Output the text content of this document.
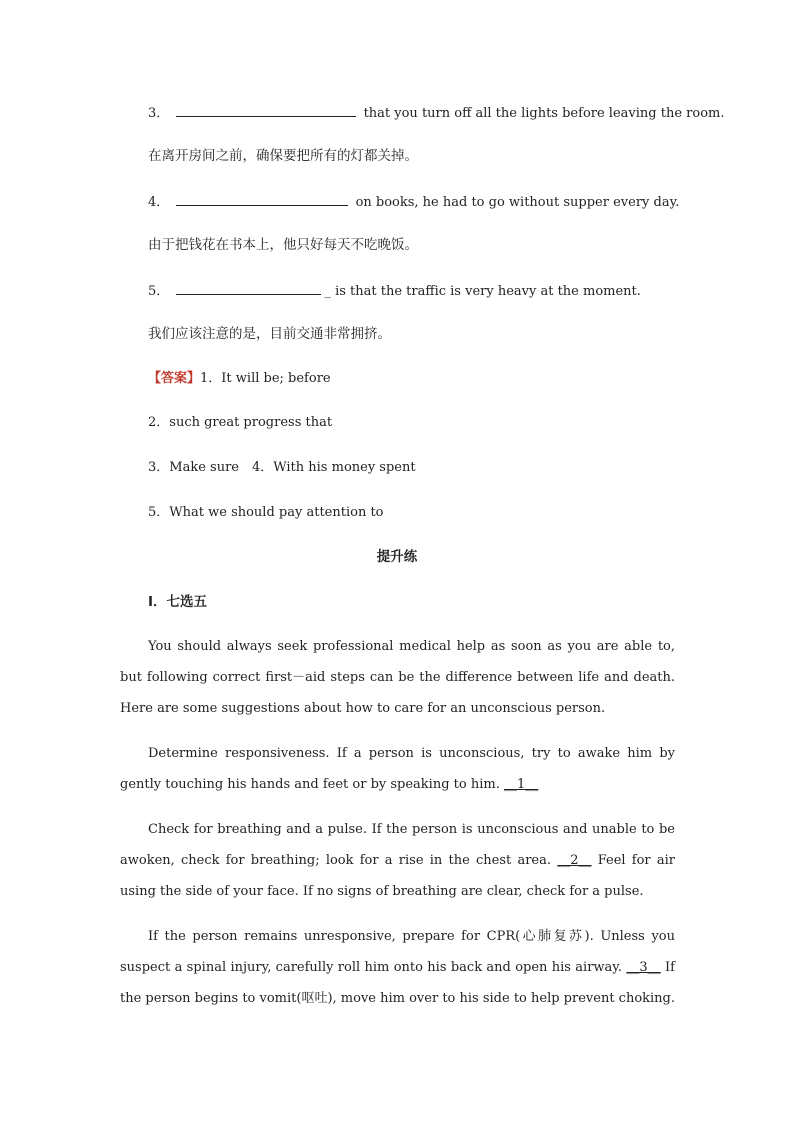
3．	that you turn off all the lights before leaving the room.
在离开房间之前，确保要把所有的灯都关掉。
4．	on books, he had to go without supper every day.
由于把钱花在书本上，他只好每天不吃晚饭。
5．	_ is that the traffic is very heavy at the moment.
我们应该注意的是，目前交通非常拥挤。
【答案】1．It will be; before
2．such great progress that
3．Make sure　4．With his money spent
5．What we should pay attention to
提升练
Ⅰ．七选五
You should always seek professional medical help as soon as you are able to, but following correct first－aid steps can be the difference between life and death. Here are some suggestions about how to care for an unconscious person.
Determine responsiveness. If a person is unconscious, try to awake him by gently touching his hands and feet or by speaking to him. __1__
Check for breathing and a pulse. If the person is unconscious and unable to be awoken, check for breathing; look for a rise in the chest area. __2__ Feel for air using the side of your face. If no signs of breathing are clear, check for a pulse.
If the person remains unresponsive, prepare for CPR(心肺复苏). Unless you suspect a spinal injury, carefully roll him onto his back and open his airway. __3__ If the person begins to vomit(呕吐), move him over to his side to help prevent choking.
